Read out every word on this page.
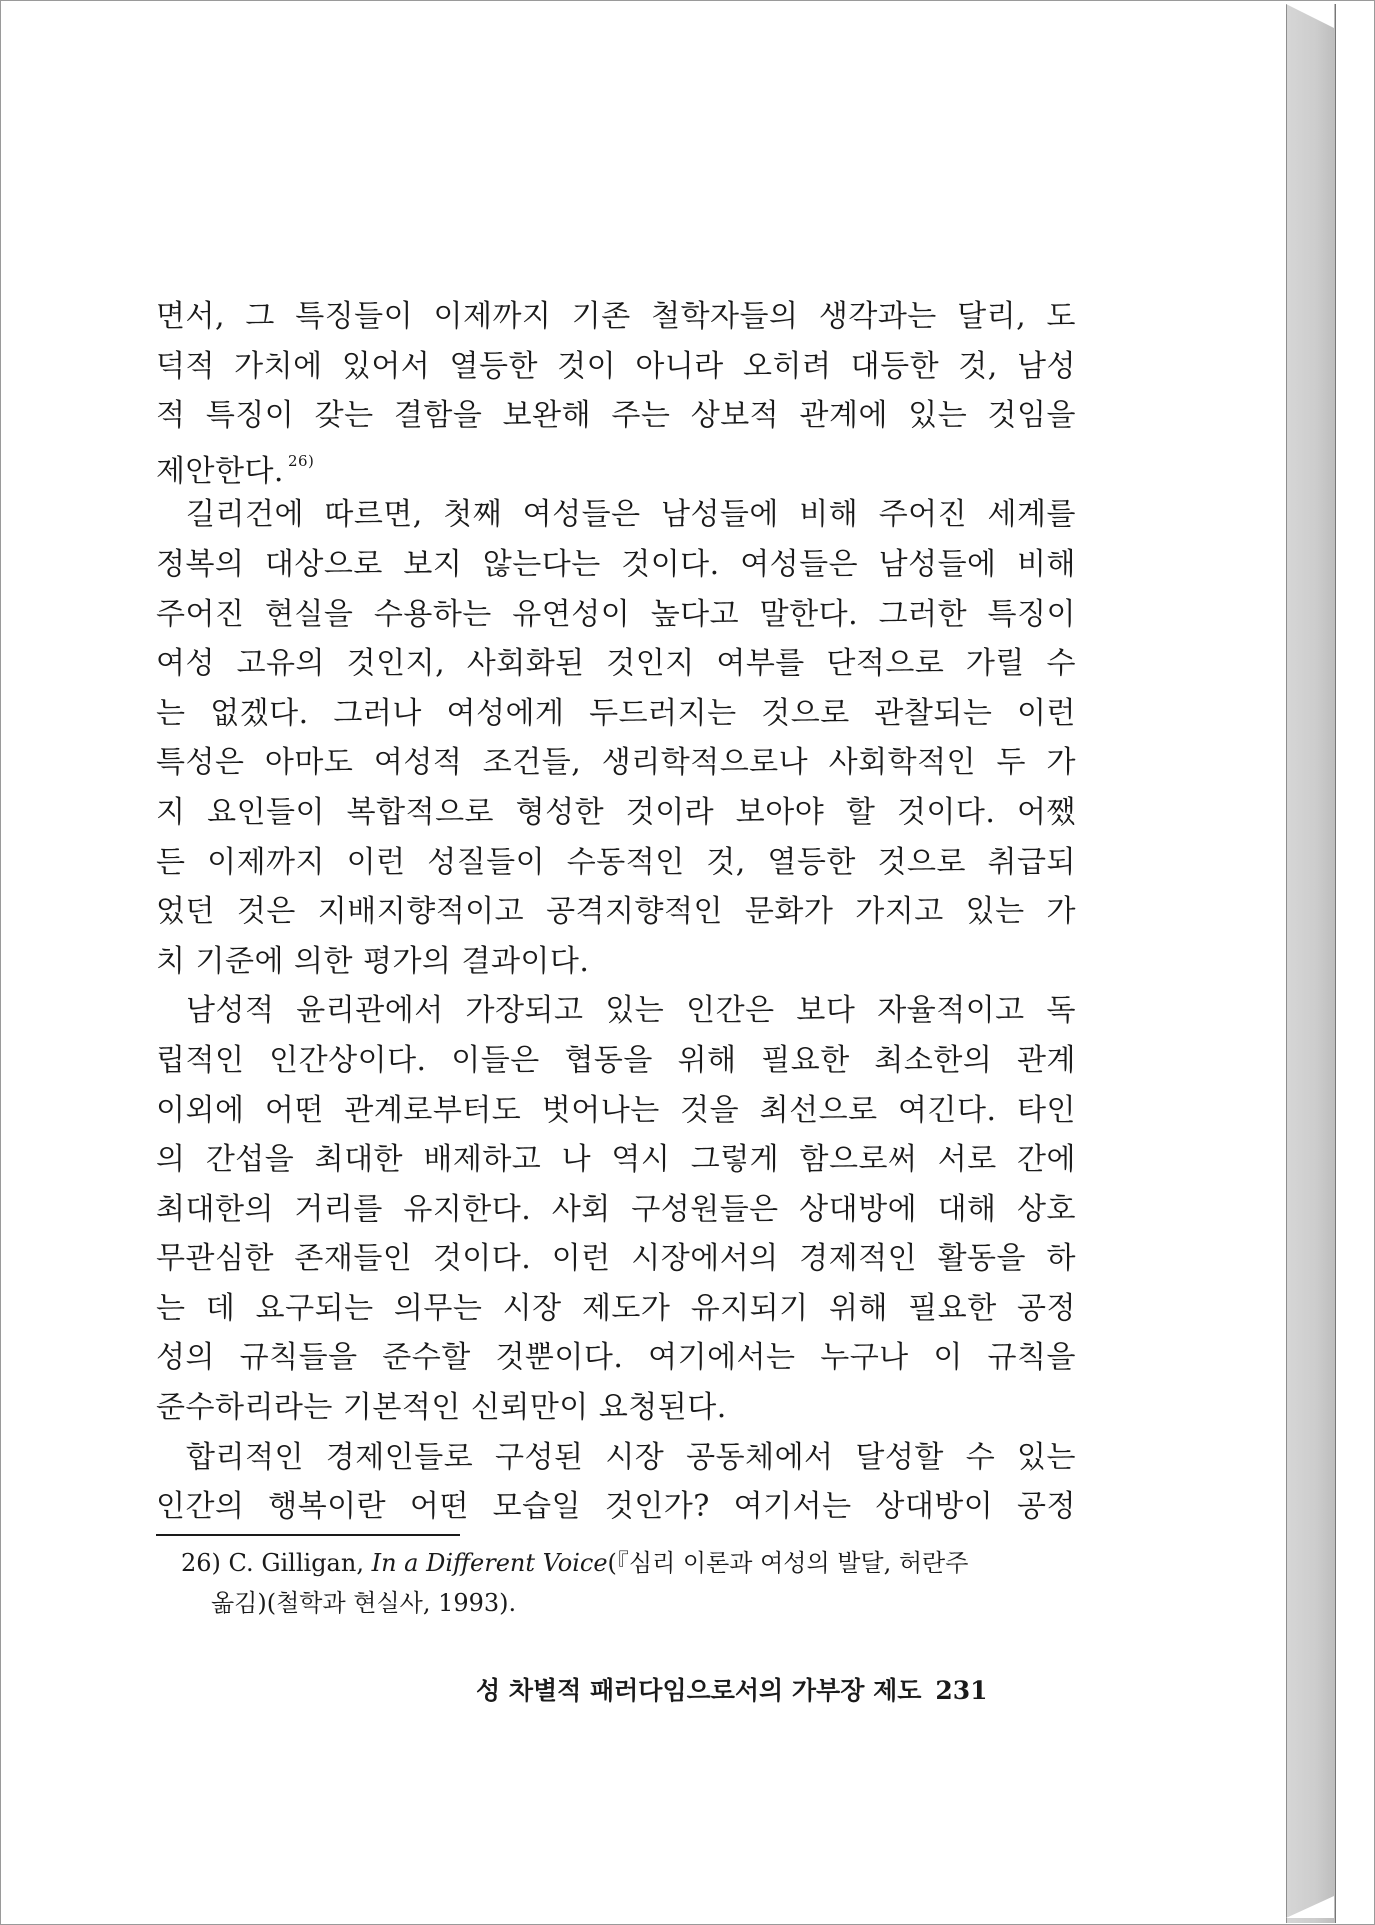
면서, 그 특징들이 이제까지 기존 철학자들의 생각과는 달리, 도
덕적 가치에 있어서 열등한 것이 아니라 오히려 대등한 것, 남성
적 특징이 갖는 결함을 보완해 주는 상보적 관계에 있는 것임을
제안한다. $^{26)}$

길리건에 따르면, 첫째 여성들은 남성들에 비해 주어진 세계를
정복의 대상으로 보지 않는다는 것이다. 여성들은 남성들에 비해
주어진 현실을 수용하는 유연성이 높다고 말한다. 그러한 특징이
여성 고유의 것인지, 사회화된 것인지 여부를 단적으로 가릴 수
는 없겠다. 그러나 여성에게 두드러지는 것으로 관찰되는 이런
특성은 아마도 여성적 조건들, 생리학적으로나 사회학적인 두 가
지 요인들이 복합적으로 형성한 것이라 보아야 할 것이다. 어쨌
든 이제까지 이런 성질들이 수동적인 것, 열등한 것으로 취급되
었던 것은 지배지향적이고 공격지향적인 문화가 가지고 있는 가
치 기준에 의한 평가의 결과이다.

남성적 윤리관에서 가장되고 있는 인간은 보다 자율적이고 독
립적인 인간상이다. 이들은 협동을 위해 필요한 최소한의 관계
이외에 어떤 관계로부터도 벗어나는 것을 최선으로 여긴다. 타인
의 간섭을 최대한 배제하고 나 역시 그렇게 함으로써 서로 간에
최대한의 거리를 유지한다. 사회 구성원들은 상대방에 대해 상호
무관심한 존재들인 것이다. 이런 시장에서의 경제적인 활동을 하
는 데 요구되는 의무는 시장 제도가 유지되기 위해 필요한 공정
성의 규칙들을 준수할 것뿐이다. 여기에서는 누구나 이 규칙을
준수하리라는 기본적인 신뢰만이 요청된다.

합리적인 경제인들로 구성된 시장 공동체에서 달성할 수 있는
인간의 행복이란 어떤 모습일 것인가? 여기서는 상대방이 공정

26) C. Gilligan, In a Different Voice(『심리 이론과 여성의 발달, 허란주
옮김)(철학과 현실사, 1993).
성 차별적 패러다임으로서의 가부장 제도 231
